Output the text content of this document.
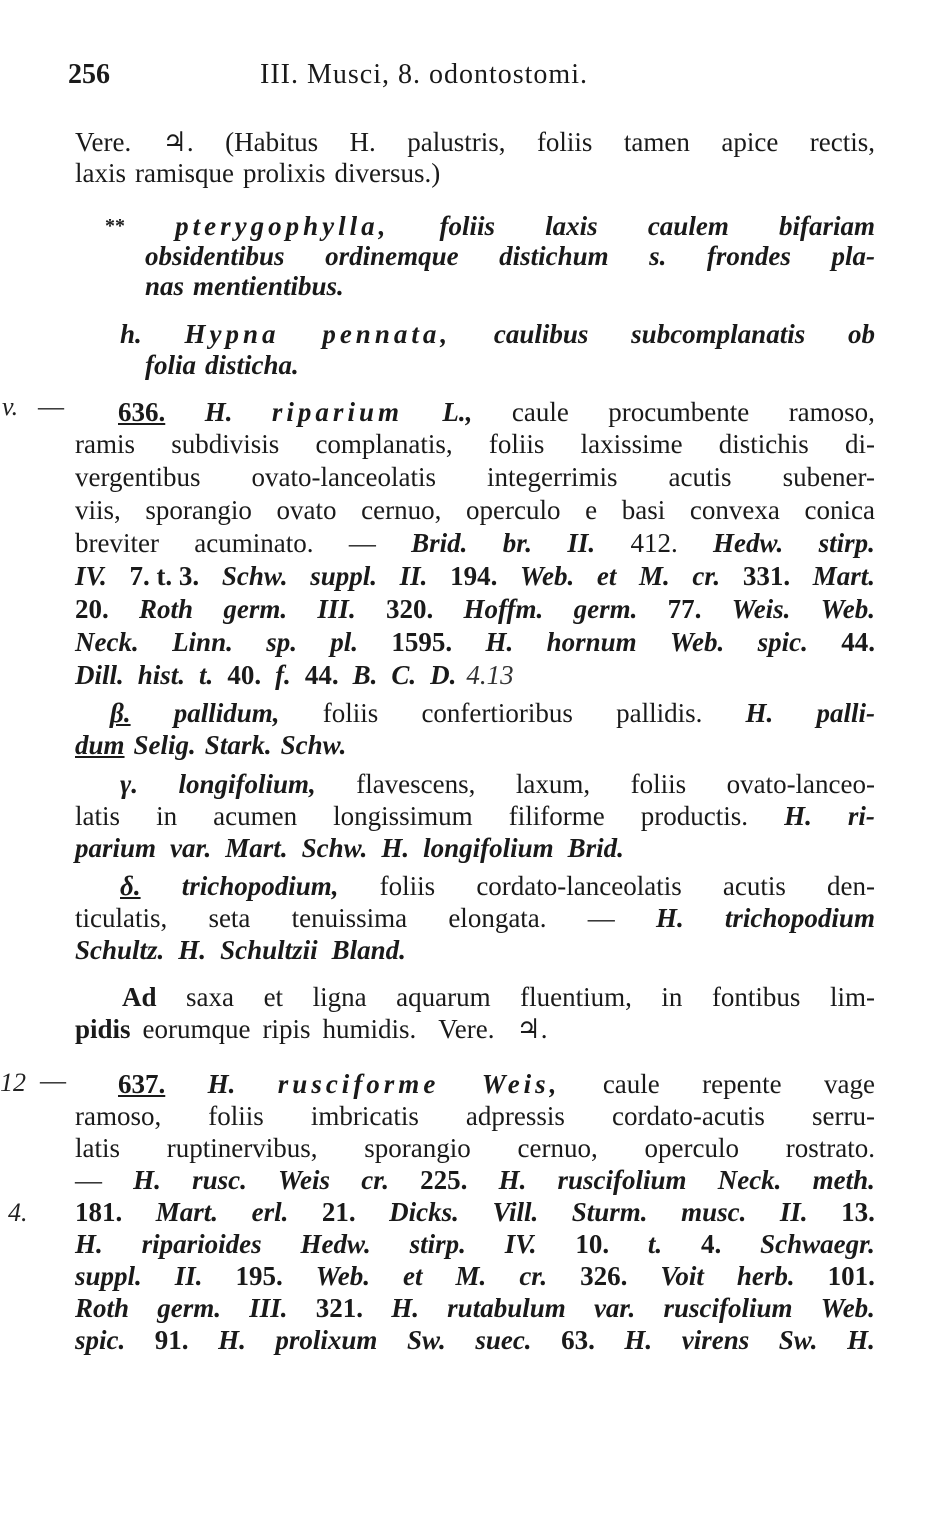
256	III. Musci, 8. odontostomi.
v. —
12 —
4.
Vere. ♃. (Habitus H. palustris, foliis tamen apice rectis,
laxis ramisque prolixis diversus.)
** pterygophylla, foliis laxis caulem bifariam
obsidentibus ordinemque distichum s. frondes pla-
nas mentientibus.
h. Hypna pennata, caulibus subcomplanatis ob
folia disticha.
636. H. riparium L., caule procumbente ramoso,
ramis subdivisis complanatis, foliis laxissime distichis di-
vergentibus ovato-lanceolatis integerrimis acutis subener-
viis, sporangio ovato cernuo, operculo e basi convexa conica
breviter acuminato. — Brid. br. II. 412. Hedw. stirp.
IV. 7. t. 3. Schw. suppl. II. 194. Web. et M. cr. 331. Mart.
20. Roth germ. III. 320. Hoffm. germ. 77. Weis. Web.
Neck. Linn. sp. pl. 1595. H. hornum Web. spic. 44.
Dill. hist. t. 40. f. 44. B. C. D. 4.13
β. pallidum, foliis confertioribus pallidis. H. palli-
dum Selig. Stark. Schw.
γ. longifolium, flavescens, laxum, foliis ovato-lanceo-
latis in acumen longissimum filiforme productis. H. ri-
parium var. Mart. Schw. H. longifolium Brid.
δ. trichopodium, foliis cordato-lanceolatis acutis den-
ticulatis, seta tenuissima elongata. — H. trichopodium
Schultz. H. Schultzii Bland.
Ad saxa et ligna aquarum fluentium, in fontibus lim-
pidis eorumque ripis humidis. Vere. ♃.
637. H. rusciforme Weis, caule repente vage
ramoso, foliis imbricatis adpressis cordato-acutis serru-
latis ruptinervibus, sporangio cernuo, operculo rostrato.
— H. rusc. Weis cr. 225. H. ruscifolium Neck. meth.
181. Mart. erl. 21. Dicks. Vill. Sturm. musc. II. 13.
H. riparioides Hedw. stirp. IV. 10. t. 4. Schwaegr.
suppl. II. 195. Web. et M. cr. 326. Voit herb. 101.
Roth germ. III. 321. H. rutabulum var. ruscifolium Web.
spic. 91. H. prolixum Sw. suec. 63. H. virens Sw. H.
